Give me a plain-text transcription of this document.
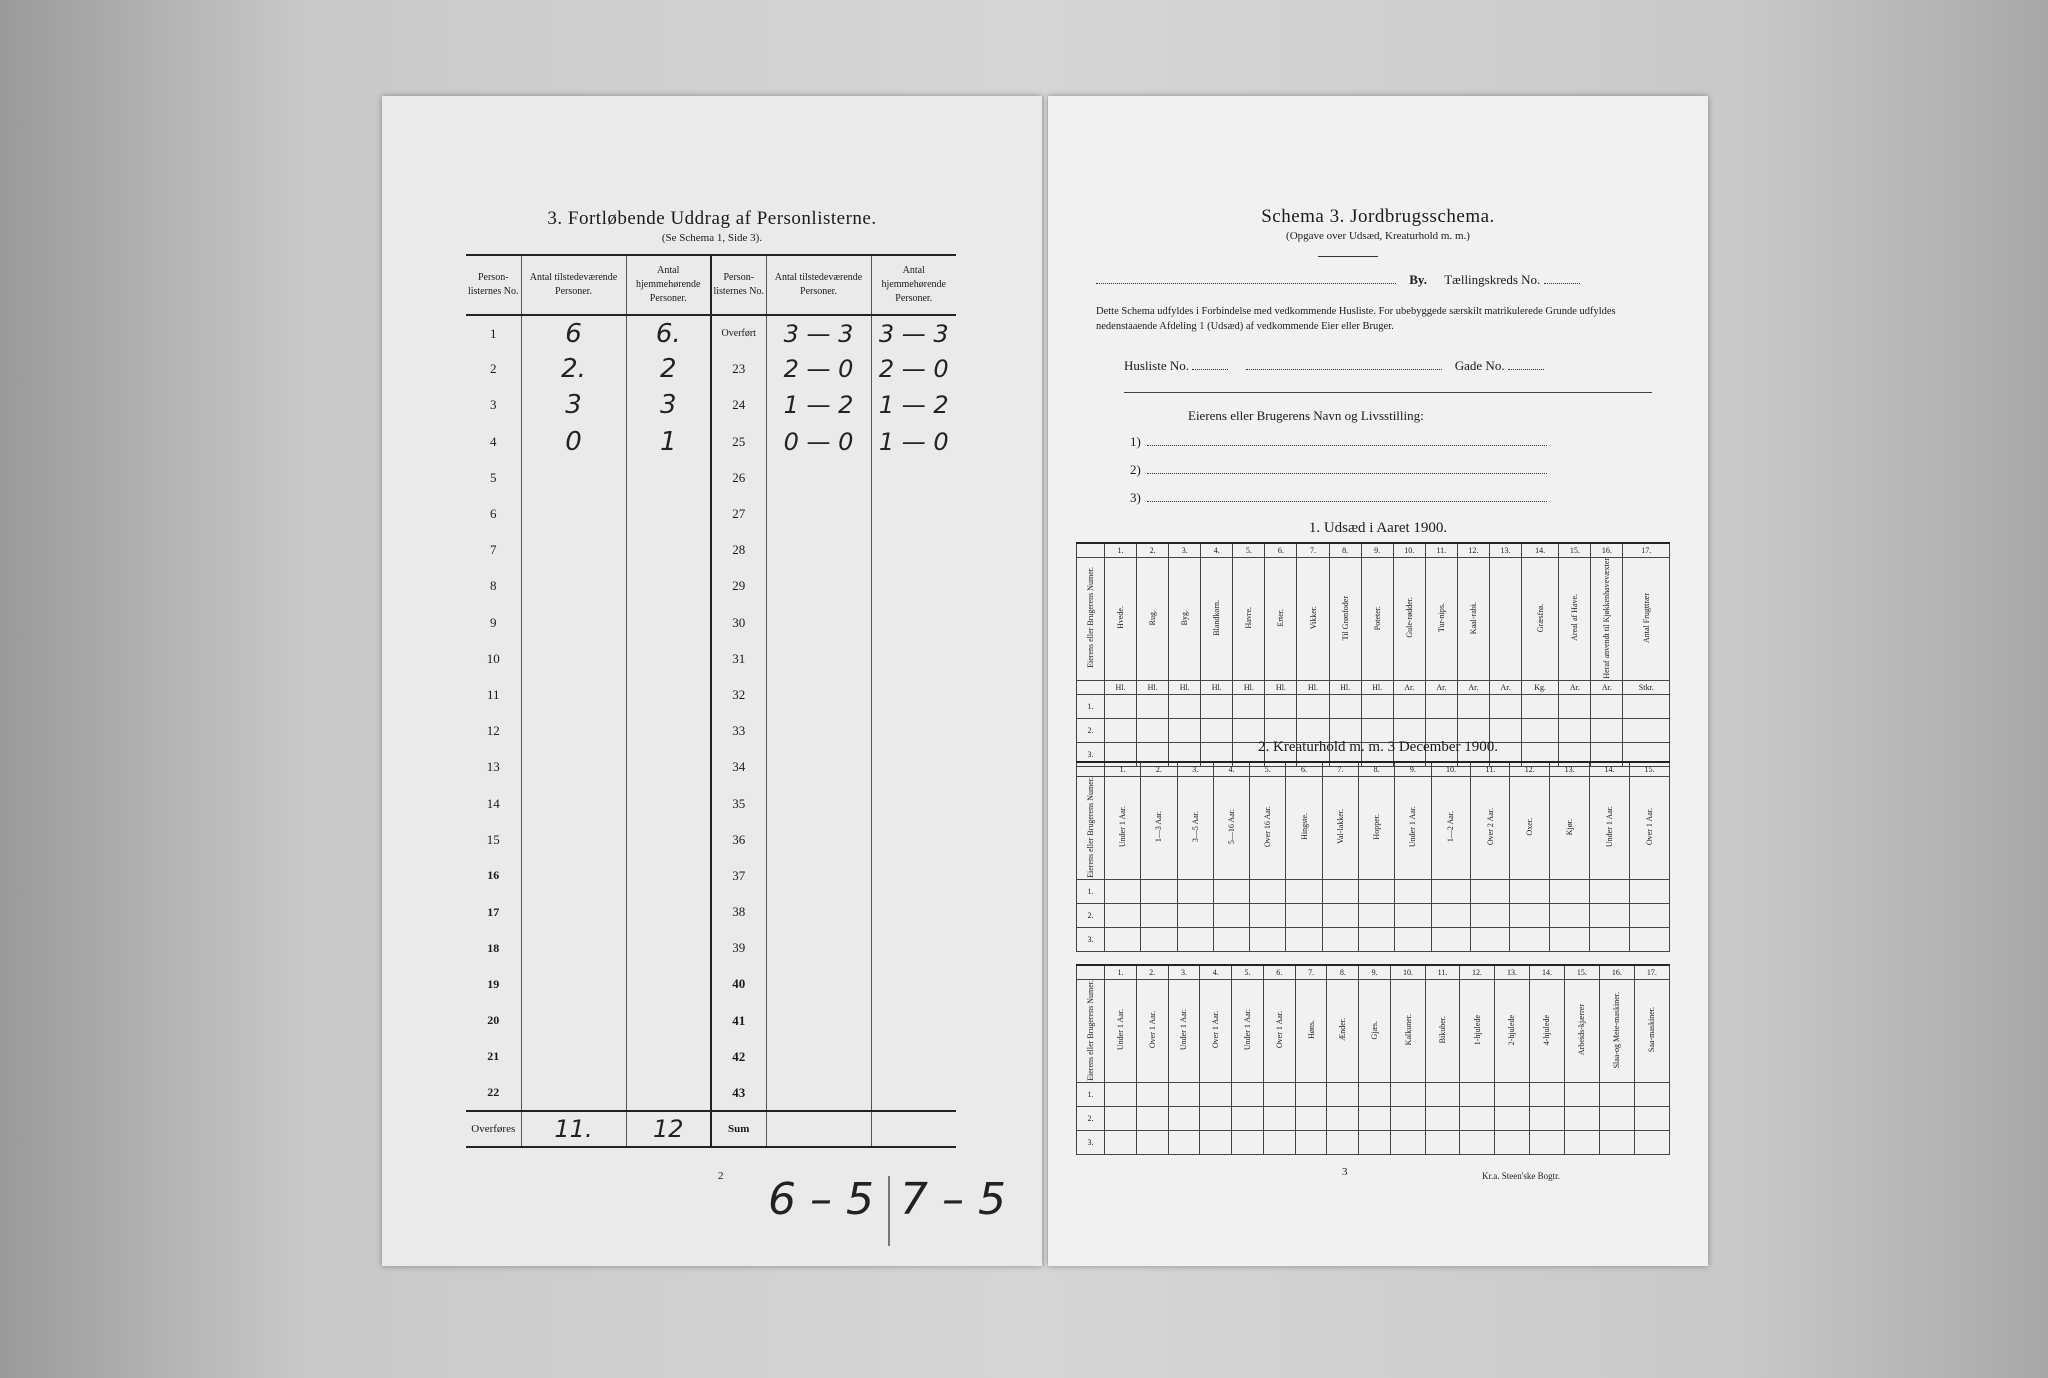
3. Fortløbende Uddrag af Personlisterne.
(Se Schema 1, Side 3).
Person-listernes No.	Antal tilstedeværende Personer.	Antal hjemmehørende Personer.	Person-listernes No.	Antal tilstedeværende Personer.	Antal hjemmehørende Personer.
1	6	6.	Overført	3 — 3	3 — 3
2	2.	2	23	2 — 0	2 — 0
3	3	3	24	1 — 2	1 — 2
4	0	1	25	0 — 0	1 — 0
5			26		
6			27		
7			28		
8			29		
9			30		
10			31		
11			32		
12			33		
13			34		
14			35		
15			36		
16			37		
17			38		
18			39		
19			40		
20			41		
21			42		
22			43		
Overføres	11.	12	Sum		
2 6 – 5 7 – 5
Schema 3. Jordbrugsschema.
(Opgave over Udsæd, Kreaturhold m. m.)
By. Tællingskreds No.
Dette Schema udfyldes i Forbindelse med vedkommende Husliste. For ubebyggede særskilt matrikulerede Grunde udfyldes nedenstaaende Afdeling 1 (Udsæd) af vedkommende Eier eller Bruger.
Husliste No.	Gade No.
Eierens eller Brugerens Navn og Livsstilling:
1)
2)
3)
1. Udsæd i Aaret 1900.
	1.	2.	3.	4.	5.	6.	7.	8.	9.	10.	11.	12.	13.	14.	15.	16.	17.
Eierens eller Brugerens Numer.	Hvede.	Rug.	Byg.	Blandkorn.	Havre.	Erter.	Vikker.	Til Grønfoder	Poteter.	Gule-rødder.	Tur-nips.	Kaal-rabi.		Græsfrø.	Areal af Have.	Heraf anvendt til Kjøkkenhavevæxter	Antal Frugttrær
	Hl.	Hl.	Hl.	Hl.	Hl.	Hl.	Hl.	Hl.	Hl.	Ar.	Ar.	Ar.	Ar.	Kg.	Ar.	Ar.	Stkr.
1.																	
2.																	
3.																		2. Kreaturhold m. m. 3 December 1900.
	1.	2.	3.	4.	5.	6.	7.	8.	9.	10.	11.	12.	13.	14.	15.
Eierens eller Brugerens Numer.	Under 1 Aar.	1—3 Aar.	3—5 Aar.	5—16 Aar.	Over 16 Aar.	Hingste.	Val-lakker.	Hopper.	Under 1 Aar.	1—2 Aar.	Over 2 Aar.	Oxer.	Kjør.	Under 1 Aar.	Over 1 Aar.
1.															
2.															
3.															
	1.	2.	3.	4.	5.	6.	7.	8.	9.	10.	11.	12.	13.	14.	15.	16.	17.
Eierens eller Brugerens Numer.	Under 1 Aar.	Over 1 Aar.	Under 1 Aar.	Over 1 Aar.	Under 1 Aar.	Over 1 Aar.	Høns.	Ænder.	Gjæs.	Kalkuner.	Bikuber.	1-hjulede	2-hjulede	4-hjulede	Arbeids-kjærrer	Slaa-og Meie-maskiner.	Saa-maskiner.
1.																	
2.																	
3.																	
3	Kr.a. Steen'ske Bogtr.
